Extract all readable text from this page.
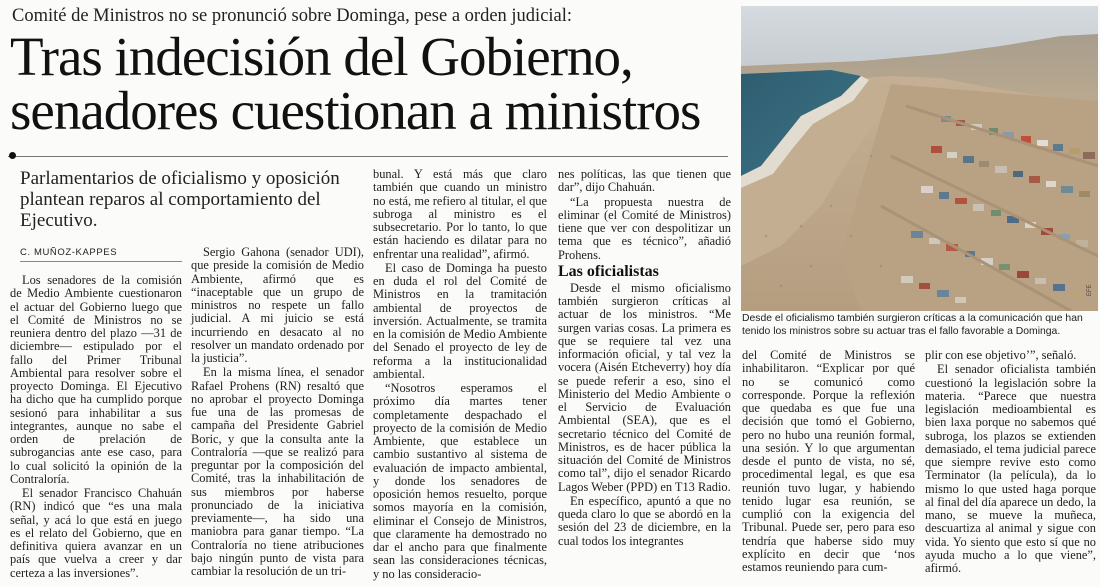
Comité de Ministros no se pronunció sobre Dominga, pese a orden judicial:
Tras indecisión del Gobierno,
senadores cuestionan a ministros
Parlamentarios de oficialismo y oposición plantean reparos al comportamiento del Ejecutivo.
C. MUÑOZ-KAPPES

Los senadores de la comisión de Medio Ambiente cuestionaron el actuar del Gobierno luego que el Comité de Ministros no se reuniera dentro del plazo —31 de diciembre— estipulado por el fallo del Primer Tribunal Ambiental para resolver sobre el proyecto Dominga. El Ejecutivo ha dicho que ha cumplido porque sesionó para inhabilitar a sus integrantes, aunque no sabe el orden de prelación de subrogancias ante ese caso, para lo cual solicitó la opinión de la Contraloría.

El senador Francisco Chahuán (RN) indicó que “es una mala señal, y acá lo que está en juego es el relato del Gobierno, que en definitiva quiera avanzar en un país que vuelva a creer y dar certeza a las inversiones”.

Sergio Gahona (senador UDI), que preside la comisión de Medio Ambiente, afirmó que es “inaceptable que un grupo de ministros no respete un fallo judicial. A mi juicio se está incurriendo en desacato al no resolver un mandato ordenado por la justicia”.

En la misma línea, el senador Rafael Prohens (RN) resaltó que no aprobar el proyecto Dominga fue una de las promesas de campaña del Presidente Gabriel Boric, y que la consulta ante la Contraloría —que se realizó para preguntar por la composición del Comité, tras la inhabilitación de sus miembros por haberse pronunciado de la iniciativa previamente—, ha sido una maniobra para ganar tiempo. “La Contraloría no tiene atribuciones bajo ningún punto de vista para cambiar la resolución de un tri-

bunal. Y está más que claro también que cuando un ministro no está, me refiero al titular, el que subroga al ministro es el subsecretario. Por lo tanto, lo que están haciendo es dilatar para no enfrentar una realidad”, afirmó.

El caso de Dominga ha puesto en duda el rol del Comité de Ministros en la tramitación ambiental de proyectos de inversión. Actualmente, se tramita en la comisión de Medio Ambiente del Senado el proyecto de ley de reforma a la institucionalidad ambiental.

“Nosotros esperamos el próximo día martes tener completamente despachado el proyecto de la comisión de Medio Ambiente, que establece un cambio sustantivo al sistema de evaluación de impacto ambiental, y donde los senadores de oposición hemos resuelto, porque somos mayoría en la comisión, eliminar el Consejo de Ministros, que claramente ha demostrado no dar el ancho para que finalmente sean las consideraciones técnicas, y no las consideracio-

nes políticas, las que tienen que dar”, dijo Chahuán.

“La propuesta nuestra de eliminar (el Comité de Ministros) tiene que ver con despolitizar un tema que es técnico”, añadió Prohens.

Las oficialistas

Desde el mismo oficialismo también surgieron críticas al actuar de los ministros. “Me surgen varias cosas. La primera es que se requiere tal vez una información oficial, y tal vez la vocera (Aisén Etcheverry) hoy día se puede referir a eso, sino el Ministerio del Medio Ambiente o el Servicio de Evaluación Ambiental (SEA), que es el secretario técnico del Comité de Ministros, es de hacer pública la situación del Comité de Ministros como tal”, dijo el senador Ricardo Lagos Weber (PPD) en T13 Radio.

En específico, apuntó a que no queda claro lo que se abordó en la sesión del 23 de diciembre, en la cual todos los integrantes

EFE
Desde el oficialismo también surgieron críticas a la comunicación que han tenido los ministros sobre su actuar tras el fallo favorable a Dominga.

del Comité de Ministros se inhabilitaron. “Explicar por qué no se comunicó como corresponde. Porque la reflexión que quedaba es que fue una decisión que tomó el Gobierno, pero no hubo una reunión formal, una sesión. Y lo que argumentan desde el punto de vista, no sé, procedimental legal, es que esa reunión tuvo lugar, y habiendo tenido lugar esa reunión, se cumplió con la exigencia del Tribunal. Puede ser, pero para eso tendría que haberse sido muy explícito en decir que ‘nos estamos reuniendo para cum-

plir con ese objetivo’”, señaló.

El senador oficialista también cuestionó la legislación sobre la materia. “Parece que nuestra legislación medioambiental es bien laxa porque no sabemos qué subroga, los plazos se extienden demasiado, el tema judicial parece que siempre revive esto como Terminator (la película), da lo mismo lo que usted haga porque al final del día aparece un dedo, la mano, se mueve la muñeca, descuartiza al animal y sigue con vida. Yo siento que esto sí que no ayuda mucho a lo que viene”, afirmó.
